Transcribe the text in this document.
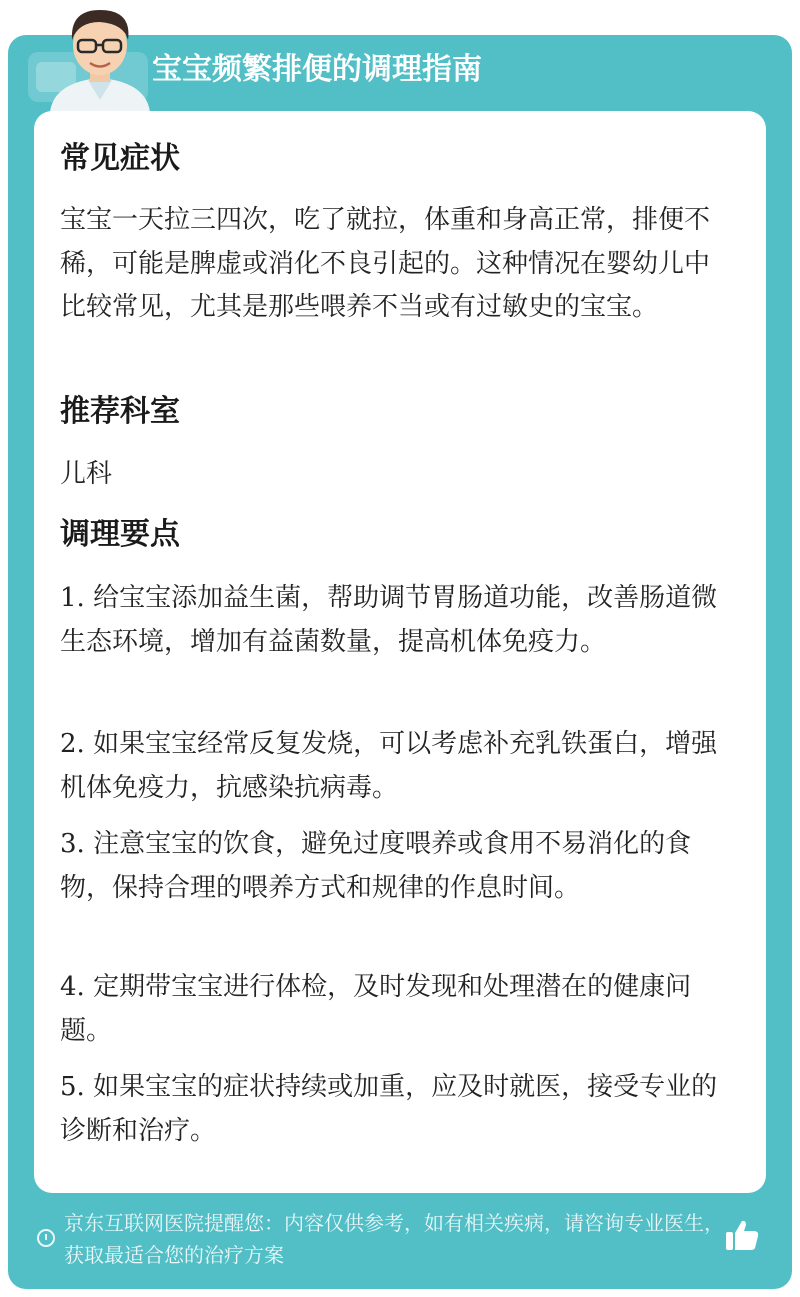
宝宝频繁排便的调理指南
常见症状
宝宝一天拉三四次，吃了就拉，体重和身高正常，排便不稀，可能是脾虚或消化不良引起的。这种情况在婴幼儿中比较常见，尤其是那些喂养不当或有过敏史的宝宝。
推荐科室
儿科
调理要点
1. 给宝宝添加益生菌，帮助调节胃肠道功能，改善肠道微生态环境，增加有益菌数量，提高机体免疫力。
2. 如果宝宝经常反复发烧，可以考虑补充乳铁蛋白，增强机体免疫力，抗感染抗病毒。
3. 注意宝宝的饮食，避免过度喂养或食用不易消化的食物，保持合理的喂养方式和规律的作息时间。
4. 定期带宝宝进行体检，及时发现和处理潜在的健康问题。
5. 如果宝宝的症状持续或加重，应及时就医，接受专业的诊断和治疗。
京东互联网医院提醒您：内容仅供参考，如有相关疾病，请咨询专业医生，获取最适合您的治疗方案
